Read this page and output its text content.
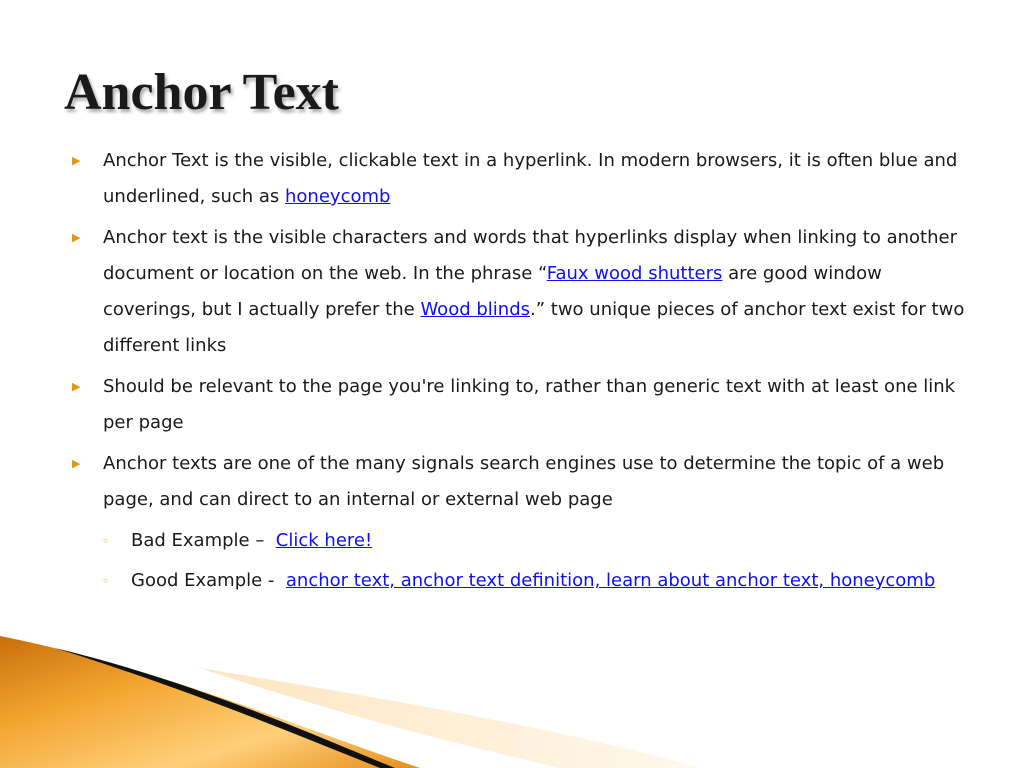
Anchor Text
▶ Anchor Text is the visible, clickable text in a hyperlink. In modern browsers, it is often blue and underlined, such as honeycomb
▶ Anchor text is the visible characters and words that hyperlinks display when linking to another document or location on the web. In the phrase “Faux wood shutters are good window coverings, but I actually prefer the Wood blinds.” two unique pieces of anchor text exist for two different links
▶ Should be relevant to the page you're linking to, rather than generic text with at least one link per page
▶ Anchor texts are one of the many signals search engines use to determine the topic of a web page, and can direct to an internal or external web page
◦ Bad Example –  Click here!
◦ Good Example -  anchor text, anchor text definition, learn about anchor text, honeycomb
